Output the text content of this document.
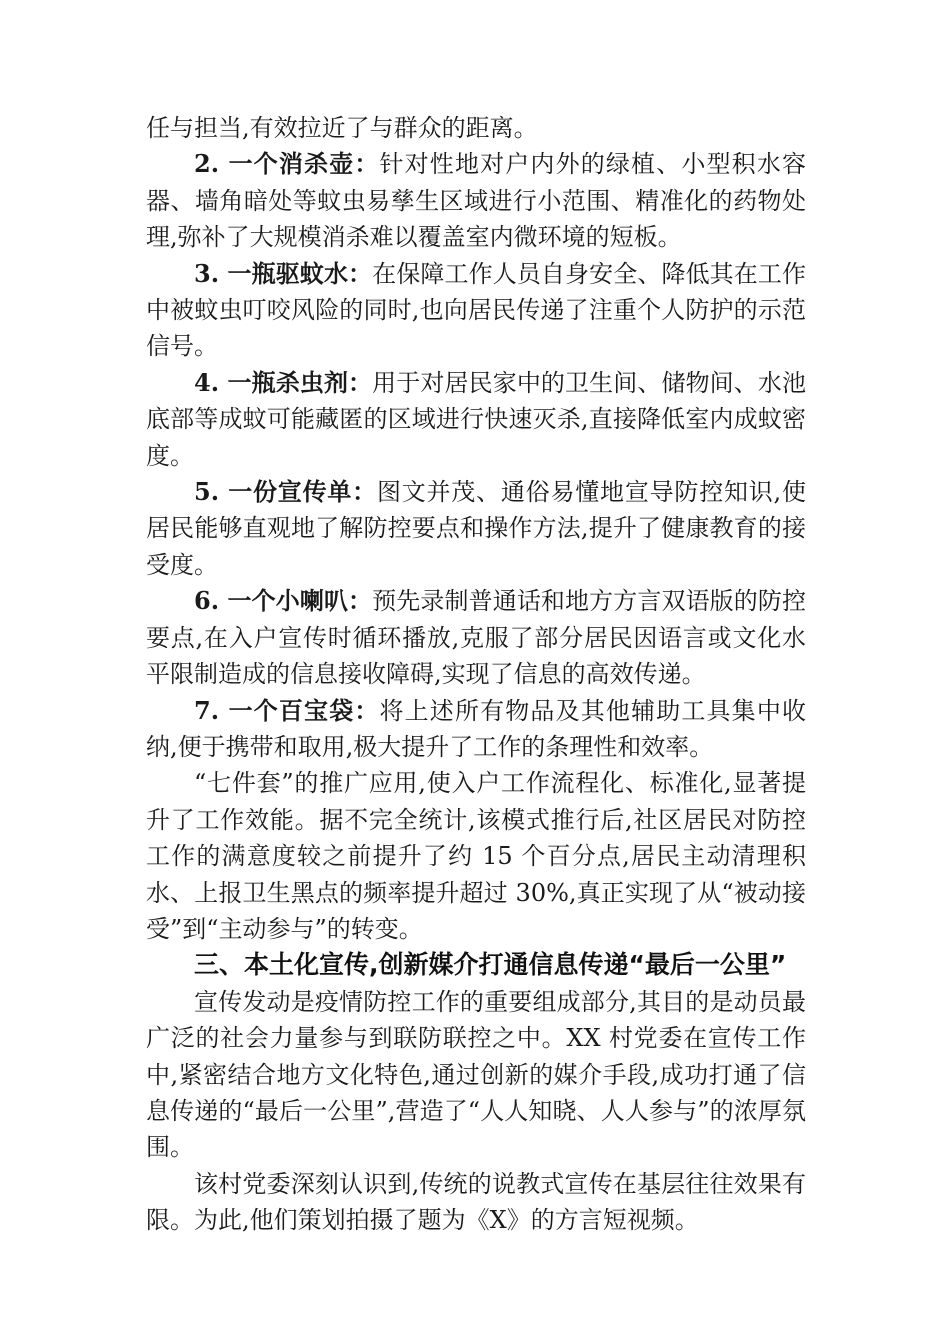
任与担当,有效拉近了与群众的距离。

2. 一个消杀壶：针对性地对户内外的绿植、小型积水容器、墙角暗处等蚊虫易孳生区域进行小范围、精准化的药物处理,弥补了大规模消杀难以覆盖室内微环境的短板。

3. 一瓶驱蚊水：在保障工作人员自身安全、降低其在工作中被蚊虫叮咬风险的同时,也向居民传递了注重个人防护的示范信号。

4. 一瓶杀虫剂：用于对居民家中的卫生间、储物间、水池底部等成蚊可能藏匿的区域进行快速灭杀,直接降低室内成蚊密度。

5. 一份宣传单：图文并茂、通俗易懂地宣导防控知识,使居民能够直观地了解防控要点和操作方法,提升了健康教育的接受度。

6. 一个小喇叭：预先录制普通话和地方方言双语版的防控要点,在入户宣传时循环播放,克服了部分居民因语言或文化水平限制造成的信息接收障碍,实现了信息的高效传递。

7. 一个百宝袋：将上述所有物品及其他辅助工具集中收纳,便于携带和取用,极大提升了工作的条理性和效率。

“七件套”的推广应用,使入户工作流程化、标准化,显著提升了工作效能。据不完全统计,该模式推行后,社区居民对防控工作的满意度较之前提升了约 15 个百分点,居民主动清理积水、上报卫生黑点的频率提升超过 30%,真正实现了从“被动接受”到“主动参与”的转变。

三、本土化宣传,创新媒介打通信息传递“最后一公里”

宣传发动是疫情防控工作的重要组成部分,其目的是动员最广泛的社会力量参与到联防联控之中。XX 村党委在宣传工作中,紧密结合地方文化特色,通过创新的媒介手段,成功打通了信息传递的“最后一公里”,营造了“人人知晓、人人参与”的浓厚氛围。

该村党委深刻认识到,传统的说教式宣传在基层往往效果有限。为此,他们策划拍摄了题为《X》的方言短视频。
